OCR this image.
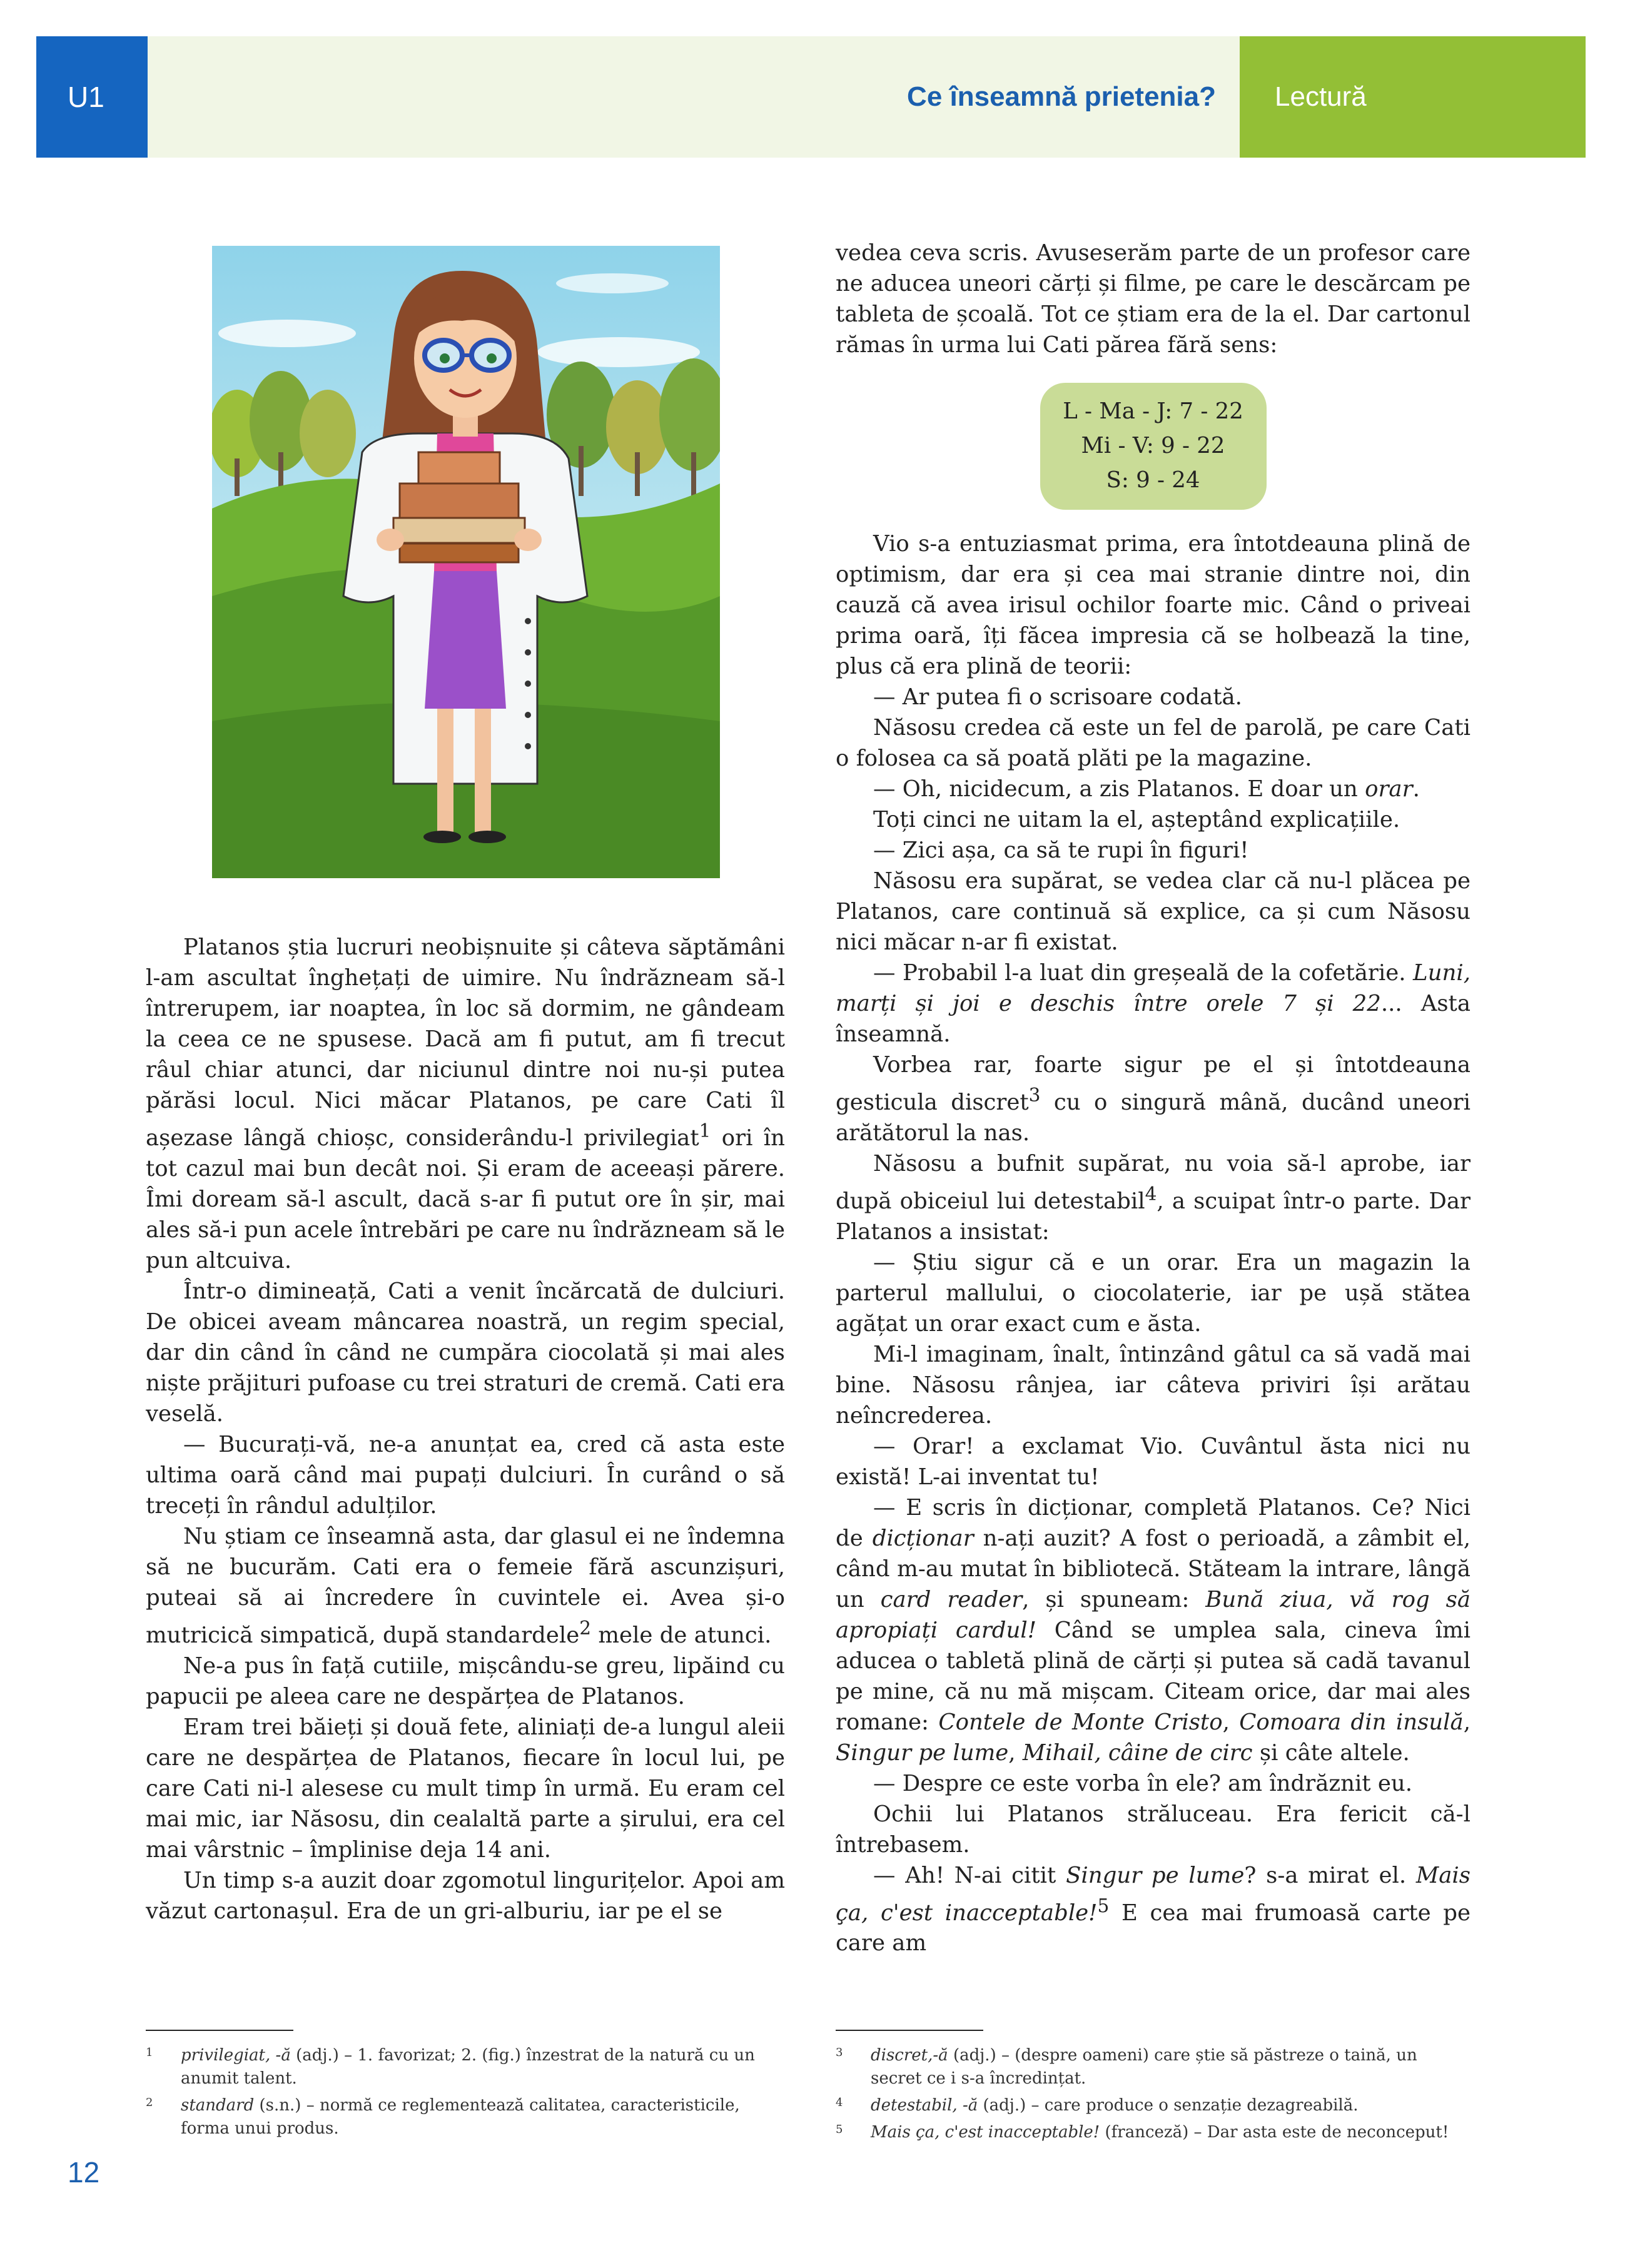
U1	Ce înseamnă prietenia? Lectură

Platanos știa lucruri neobișnuite și câteva săptămâni l-am ascultat înghețați de uimire. Nu îndrăzneam să-l întrerupem, iar noaptea, în loc să dormim, ne gândeam la ceea ce ne spusese. Dacă am fi putut, am fi trecut râul chiar atunci, dar niciunul dintre noi nu-și putea părăsi locul. Nici măcar Platanos, pe care Cati îl așezase lângă chioșc, considerându-l privilegiat$^1$ ori în tot cazul mai bun decât noi. Și eram de aceeași părere. Îmi doream să-l ascult, dacă s-ar fi putut ore în șir, mai ales să-i pun acele întrebări pe care nu îndrăzneam să le pun altcuiva.

Într-o dimineață, Cati a venit încărcată de dulciuri. De obicei aveam mâncarea noastră, un regim special, dar din când în când ne cumpăra ciocolată și mai ales niște prăjituri pufoase cu trei straturi de cremă. Cati era veselă.

— Bucurați-vă, ne-a anunțat ea, cred că asta este ultima oară când mai pupați dulciuri. În curând o să treceți în rândul adulților.

Nu știam ce înseamnă asta, dar glasul ei ne îndemna să ne bucurăm. Cati era o femeie fără ascunzișuri, puteai să ai încredere în cuvintele ei. Avea și-o mutricică simpatică, după standardele$^2$ mele de atunci.

Ne-a pus în față cutiile, mișcându-se greu, lipăind cu papucii pe aleea care ne despărțea de Platanos.

Eram trei băieți și două fete, aliniați de-a lungul aleii care ne despărțea de Platanos, fiecare în locul lui, pe care Cati ni-l alesese cu mult timp în urmă. Eu eram cel mai mic, iar Năsosu, din cealaltă parte a șirului, era cel mai vârstnic – împlinise deja 14 ani.

Un timp s-a auzit doar zgomotul lingurițelor. Apoi am văzut cartonașul. Era de un gri-alburiu, iar pe el se

vedea ceva scris. Avuseserăm parte de un profesor care ne aducea uneori cărți și filme, pe care le descărcam pe tableta de școală. Tot ce știam era de la el. Dar cartonul rămas în urma lui Cati părea fără sens:

L - Ma - J: 7 - 22
Mi - V: 9 - 22
S: 9 - 24

Vio s-a entuziasmat prima, era întotdeauna plină de optimism, dar era și cea mai stranie dintre noi, din cauză că avea irisul ochilor foarte mic. Când o priveai prima oară, îți făcea impresia că se holbează la tine, plus că era plină de teorii:

— Ar putea fi o scrisoare codată.

Năsosu credea că este un fel de parolă, pe care Cati o folosea ca să poată plăti pe la magazine.

— Oh, nicidecum, a zis Platanos. E doar un orar.

Toți cinci ne uitam la el, așteptând explicațiile.

— Zici așa, ca să te rupi în figuri!

Năsosu era supărat, se vedea clar că nu-l plăcea pe Platanos, care continuă să explice, ca și cum Năsosu nici măcar n-ar fi existat.

— Probabil l-a luat din greșeală de la cofetărie. Luni, marți și joi e deschis între orele 7 și 22... Asta înseamnă.

Vorbea rar, foarte sigur pe el și întotdeauna gesticula discret$^3$ cu o singură mână, ducând uneori arătătorul la nas.

Năsosu a bufnit supărat, nu voia să-l aprobe, iar după obiceiul lui detestabil$^4$, a scuipat într-o parte. Dar Platanos a insistat:

— Știu sigur că e un orar. Era un magazin la parterul mallului, o ciocolaterie, iar pe ușă stătea agățat un orar exact cum e ăsta.

Mi-l imaginam, înalt, întinzând gâtul ca să vadă mai bine. Năsosu rânjea, iar câteva priviri își arătau neîncrederea.

— Orar! a exclamat Vio. Cuvântul ăsta nici nu există! L-ai inventat tu!

— E scris în dicționar, completă Platanos. Ce? Nici de dicționar n-ați auzit? A fost o perioadă, a zâmbit el, când m-au mutat în bibliotecă. Stăteam la intrare, lângă un card reader, și spuneam: Bună ziua, vă rog să apropiați cardul! Când se umplea sala, cineva îmi aducea o tabletă plină de cărți și putea să cadă tavanul pe mine, că nu mă mișcam. Citeam orice, dar mai ales romane: Contele de Monte Cristo, Comoara din insulă, Singur pe lume, Mihail, câine de circ și câte altele.

— Despre ce este vorba în ele? am îndrăznit eu.

Ochii lui Platanos străluceau. Era fericit că-l întrebasem.

— Ah! N-ai citit Singur pe lume? s-a mirat el. Mais ça, c'est inacceptable!$^5$ E cea mai frumoasă carte pe care am

1	privilegiat, -ă (adj.) – 1. favorizat; 2. (fig.) înzestrat de la natură cu un anumit talent.
2	standard (s.n.) – normă ce reglementează calitatea, caracteristicile, forma unui produs.
3	discret,-ă (adj.) – (despre oameni) care știe să păstreze o taină, un secret ce i s-a încredințat.
4	detestabil, -ă (adj.) – care produce o senzație dezagreabilă.
5	Mais ça, c'est inacceptable! (franceză) – Dar asta este de neconceput!
12
